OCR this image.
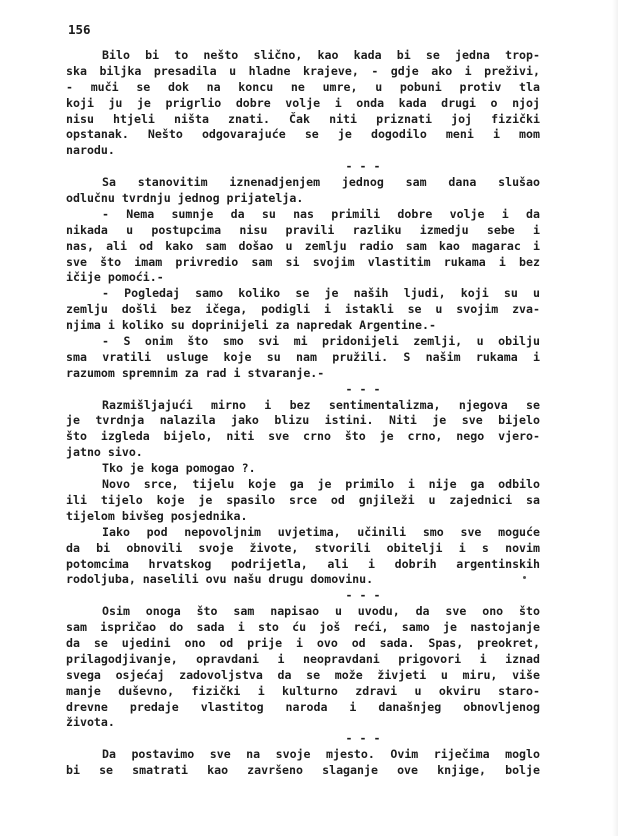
156
Bilo bi to nešto slično, kao kada bi se jedna trop-
ska biljka presadila u hladne krajeve, - gdje ako i preživi,
- muči se dok na koncu ne umre, u pobuni protiv tla
koji ju je prigrlio dobre volje i onda kada drugi o njoj
nisu htjeli ništa znati. Čak niti priznati joj fizički
opstanak. Nešto odgovarajuće se je dogodilo meni i mom
narodu.
- - -
Sa stanovitim iznenadjenjem jednog sam dana slušao
odlučnu tvrdnju jednog prijatelja.
- Nema sumnje da su nas primili dobre volje i da
nikada u postupcima nisu pravili razliku izmedju sebe i
nas, ali od kako sam došao u zemlju radio sam kao magarac i
sve što imam privredio sam si svojim vlastitim rukama i bez
ičije pomoći.-
- Pogledaj samo koliko se je naših ljudi, koji su u
zemlju došli bez ičega, podigli i istakli se u svojim zva-
njima i koliko su doprinijeli za napredak Argentine.-
- S onim što smo svi mi pridonijeli zemlji, u obilju
sma vratili usluge koje su nam pružili. S našim rukama i
razumom spremnim za rad i stvaranje.-
- - -
Razmišljajući mirno i bez sentimentalizma, njegova se
je tvrdnja nalazila jako blizu istini. Niti je sve bijelo
što izgleda bijelo, niti sve crno što je crno, nego vjero-
jatno sivo.
Tko je koga pomogao ?.
Novo srce, tijelu koje ga je primilo i nije ga odbilo
ili tijelo koje je spasilo srce od gnjileži u zajednici sa
tijelom bivšeg posjednika.
Iako pod nepovoljnim uvjetima, učinili smo sve moguće
da bi obnovili svoje živote, stvorili obitelji i s novim
potomcima hrvatskog podrijetla, ali i dobrih argentinskih
rodoljuba, naselili ovu našu drugu domovinu.
- - -
Osim onoga što sam napisao u uvodu, da sve ono što
sam ispričao do sada i sto ću još reći, samo je nastojanje
da se ujedini ono od prije i ovo od sada. Spas, preokret,
prilagodjivanje, opravdani i neopravdani prigovori i iznad
svega osjećaj zadovoljstva da se može živjeti u miru, više
manje duševno, fizički i kulturno zdravi u okviru staro-
drevne predaje vlastitog naroda i današnjeg obnovljenog
života.
- - -
Da postavimo sve na svoje mjesto. Ovim riječima moglo
bi se smatrati kao završeno slaganje ove knjige, bolje
